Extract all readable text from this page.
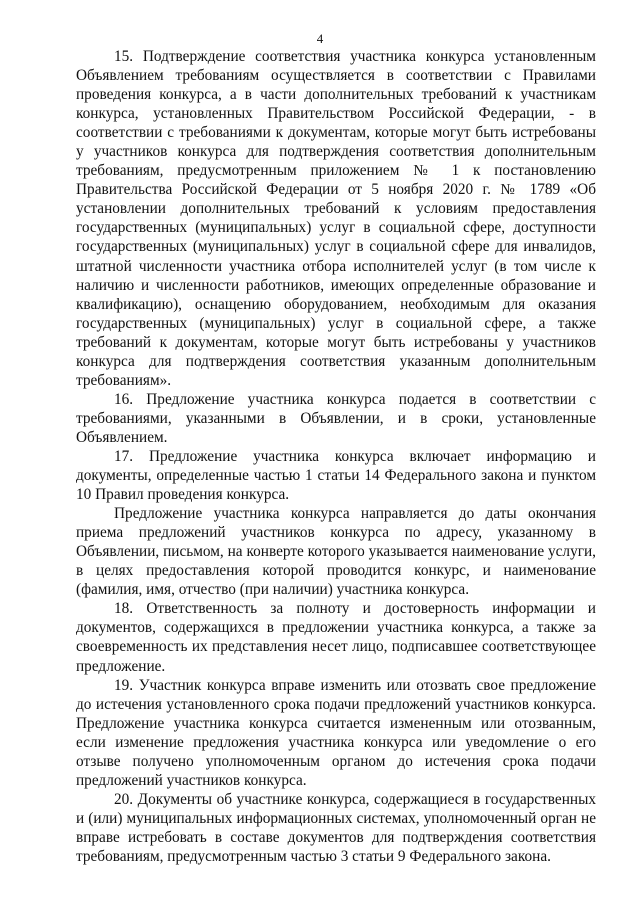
4

15. Подтверждение соответствия участника конкурса установленным Объявлением требованиям осуществляется в соответствии с Правилами проведения конкурса, а в части дополнительных требований к участникам конкурса, установленных Правительством Российской Федерации, - в соответствии с требованиями к документам, которые могут быть истребованы у участников конкурса для подтверждения соответствия дополнительным требованиям, предусмотренным приложением № 1 к постановлению Правительства Российской Федерации от 5 ноября 2020 г. № 1789 «Об установлении дополнительных требований к условиям предоставления государственных (муниципальных) услуг в социальной сфере, доступности государственных (муниципальных) услуг в социальной сфере для инвалидов, штатной численности участника отбора исполнителей услуг (в том числе к наличию и численности работников, имеющих определенные образование и квалификацию), оснащению оборудованием, необходимым для оказания государственных (муниципальных) услуг в социальной сфере, а также требований к документам, которые могут быть истребованы у участников конкурса для подтверждения соответствия указанным дополнительным требованиям».

16. Предложение участника конкурса подается в соответствии с требованиями, указанными в Объявлении, и в сроки, установленные Объявлением.

17. Предложение участника конкурса включает информацию и документы, определенные частью 1 статьи 14 Федерального закона и пунктом 10 Правил проведения конкурса.

Предложение участника конкурса направляется до даты окончания приема предложений участников конкурса по адресу, указанному в Объявлении, письмом, на конверте которого указывается наименование услуги, в целях предоставления которой проводится конкурс, и наименование (фамилия, имя, отчество (при наличии) участника конкурса.

18. Ответственность за полноту и достоверность информации и документов, содержащихся в предложении участника конкурса, а также за своевременность их представления несет лицо, подписавшее соответствующее предложение.

19. Участник конкурса вправе изменить или отозвать свое предложение до истечения установленного срока подачи предложений участников конкурса. Предложение участника конкурса считается измененным или отозванным, если изменение предложения участника конкурса или уведомление о его отзыве получено уполномоченным органом до истечения срока подачи предложений участников конкурса.

20. Документы об участнике конкурса, содержащиеся в государственных и (или) муниципальных информационных системах, уполномоченный орган не вправе истребовать в составе документов для подтверждения соответствия требованиям, предусмотренным частью 3 статьи 9 Федерального закона.
